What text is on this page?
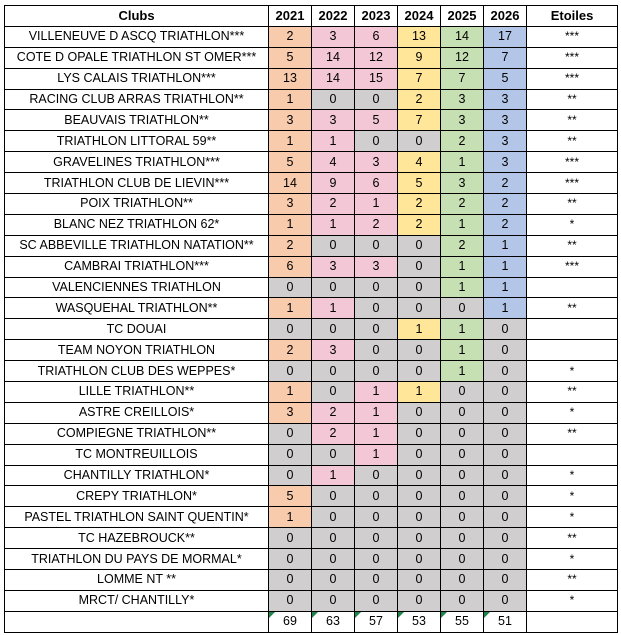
Clubs	2021	2022	2023	2024	2025	2026	Etoiles
VILLENEUVE D ASCQ TRIATHLON***	2	3	6	13	14	17	***
COTE D OPALE TRIATHLON ST OMER***	5	14	12	9	12	7	***
LYS CALAIS TRIATHLON***	13	14	15	7	7	5	***
RACING CLUB ARRAS TRIATHLON**	1	0	0	2	3	3	**
BEAUVAIS TRIATHLON**	3	3	5	7	3	3	**
TRIATHLON LITTORAL 59**	1	1	0	0	2	3	**
GRAVELINES TRIATHLON***	5	4	3	4	1	3	***
TRIATHLON CLUB DE LIEVIN***	14	9	6	5	3	2	***
POIX TRIATHLON**	3	2	1	2	2	2	**
BLANC NEZ TRIATHLON 62*	1	1	2	2	1	2	*
SC ABBEVILLE TRIATHLON NATATION**	2	0	0	0	2	1	**
CAMBRAI TRIATHLON***	6	3	3	0	1	1	***
VALENCIENNES TRIATHLON	0	0	0	0	1	1	
WASQUEHAL TRIATHLON**	1	1	0	0	0	1	**
TC DOUAI	0	0	0	1	1	0	
TEAM NOYON TRIATHLON	2	3	0	0	1	0	
TRIATHLON CLUB DES WEPPES*	0	0	0	0	1	0	*
LILLE TRIATHLON**	1	0	1	1	0	0	**
ASTRE CREILLOIS*	3	2	1	0	0	0	*
COMPIEGNE TRIATHLON**	0	2	1	0	0	0	**
TC MONTREUILLOIS	0	0	1	0	0	0	
CHANTILLY TRIATHLON*	0	1	0	0	0	0	*
CREPY TRIATHLON*	5	0	0	0	0	0	*
PASTEL TRIATHLON SAINT QUENTIN*	1	0	0	0	0	0	*
TC HAZEBROUCK**	0	0	0	0	0	0	**
TRIATHLON DU PAYS DE MORMAL*	0	0	0	0	0	0	*
LOMME NT **	0	0	0	0	0	0	**
MRCT/ CHANTILLY*	0	0	0	0	0	0	*

69	63	57	53	55	51	
